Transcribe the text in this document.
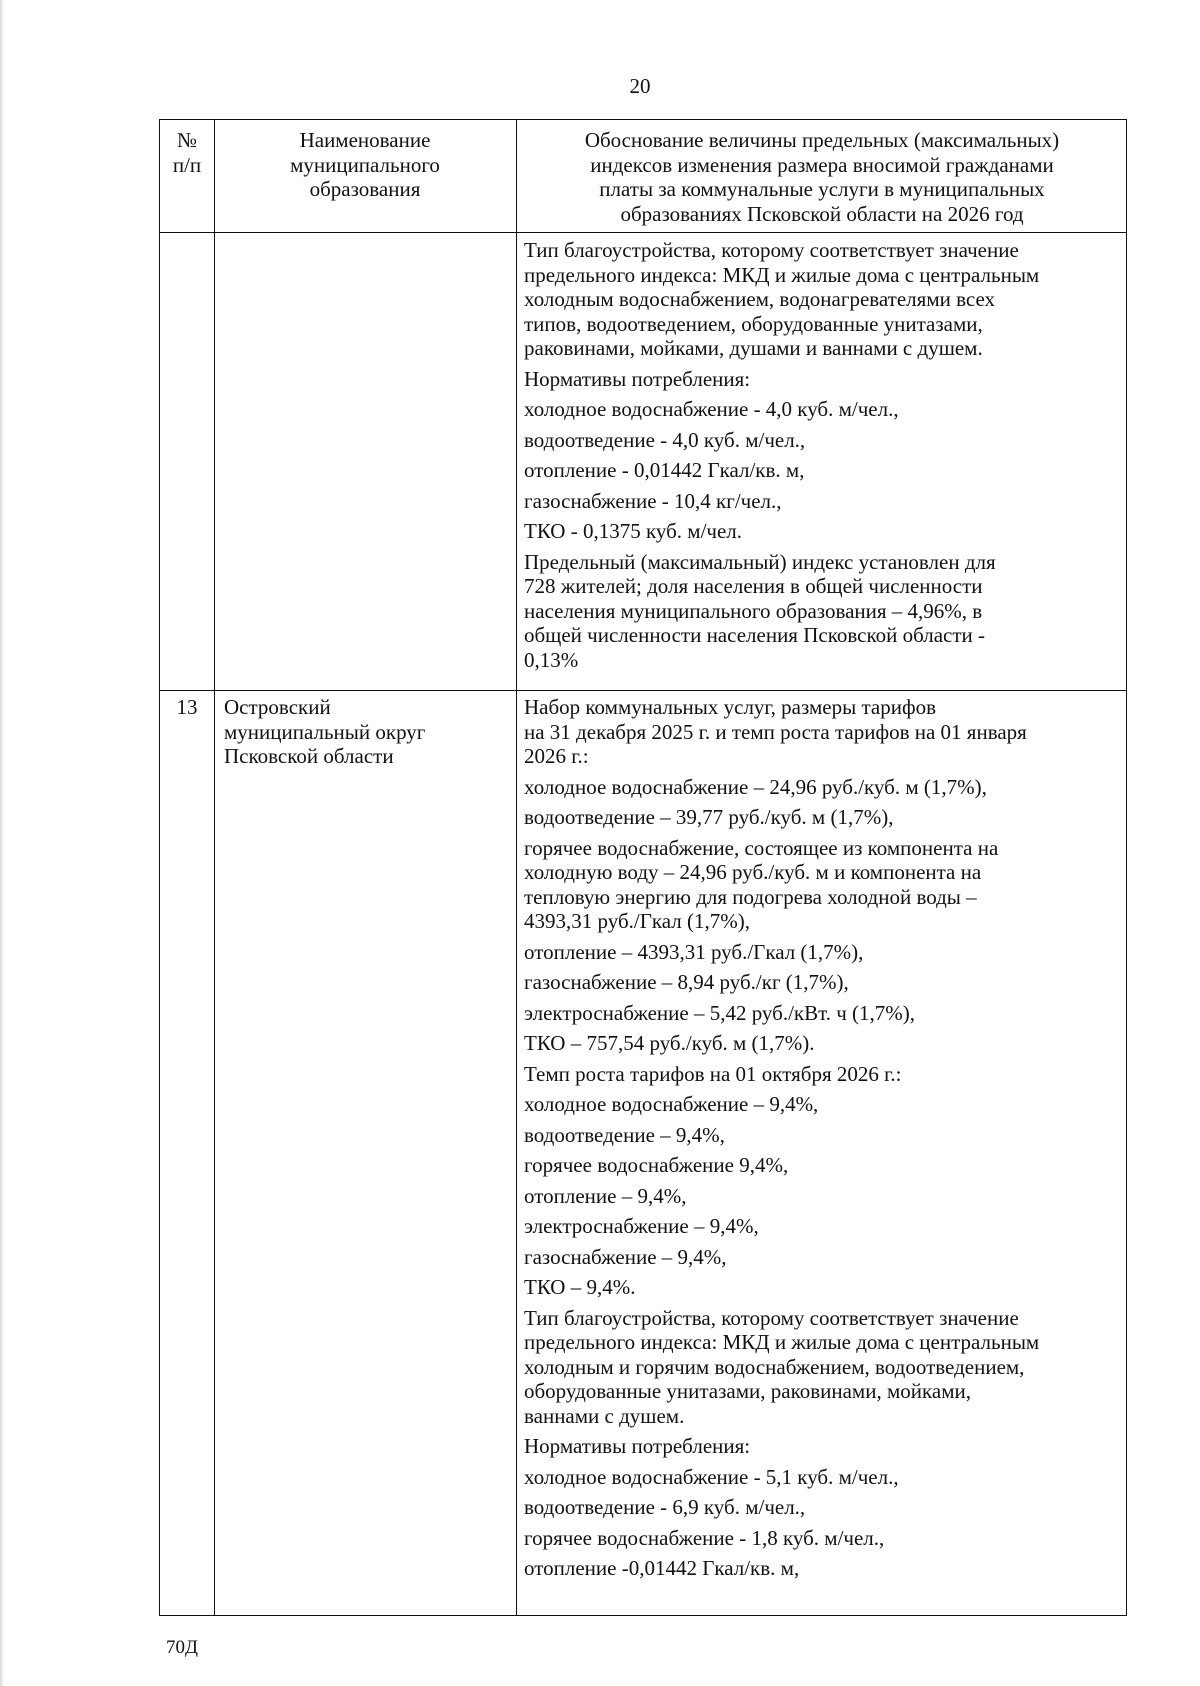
20
№
п/п
Наименование
муниципального
образования
Обоснование величины предельных (максимальных)
индексов изменения размера вносимой гражданами
платы за коммунальные услуги в муниципальных
образованиях Псковской области на 2026 год
Тип благоустройства, которому соответствует значение
предельного индекса: МКД и жилые дома с центральным
холодным водоснабжением, водонагревателями всех
типов, водоотведением, оборудованные унитазами,
раковинами, мойками, душами и ваннами с душем.
Нормативы потребления:
холодное водоснабжение - 4,0 куб. м/чел.,
водоотведение - 4,0 куб. м/чел.,
отопление - 0,01442 Гкал/кв. м,
газоснабжение - 10,4 кг/чел.,
ТКО - 0,1375 куб. м/чел.
Предельный (максимальный) индекс установлен для
728 жителей; доля населения в общей численности
населения муниципального образования – 4,96%, в
общей численности населения Псковской области -
0,13%
13	Островский
муниципальный округ
Псковской области
Набор коммунальных услуг, размеры тарифов
на 31 декабря 2025 г. и темп роста тарифов на 01 января
2026 г.:
холодное водоснабжение – 24,96 руб./куб. м (1,7%),
водоотведение – 39,77 руб./куб. м (1,7%),
горячее водоснабжение, состоящее из компонента на
холодную воду – 24,96 руб./куб. м и компонента на
тепловую энергию для подогрева холодной воды –
4393,31 руб./Гкал (1,7%),
отопление – 4393,31 руб./Гкал (1,7%),
газоснабжение – 8,94 руб./кг (1,7%),
электроснабжение – 5,42 руб./кВт. ч (1,7%),
ТКО – 757,54 руб./куб. м (1,7%).
Темп роста тарифов на 01 октября 2026 г.:
холодное водоснабжение – 9,4%,
водоотведение – 9,4%,
горячее водоснабжение 9,4%,
отопление – 9,4%,
электроснабжение – 9,4%,
газоснабжение – 9,4%,
ТКО – 9,4%.
Тип благоустройства, которому соответствует значение
предельного индекса: МКД и жилые дома с центральным
холодным и горячим водоснабжением, водоотведением,
оборудованные унитазами, раковинами, мойками,
ваннами с душем.
Нормативы потребления:
холодное водоснабжение - 5,1 куб. м/чел.,
водоотведение - 6,9 куб. м/чел.,
горячее водоснабжение - 1,8 куб. м/чел.,
отопление -0,01442 Гкал/кв. м,
70Д
